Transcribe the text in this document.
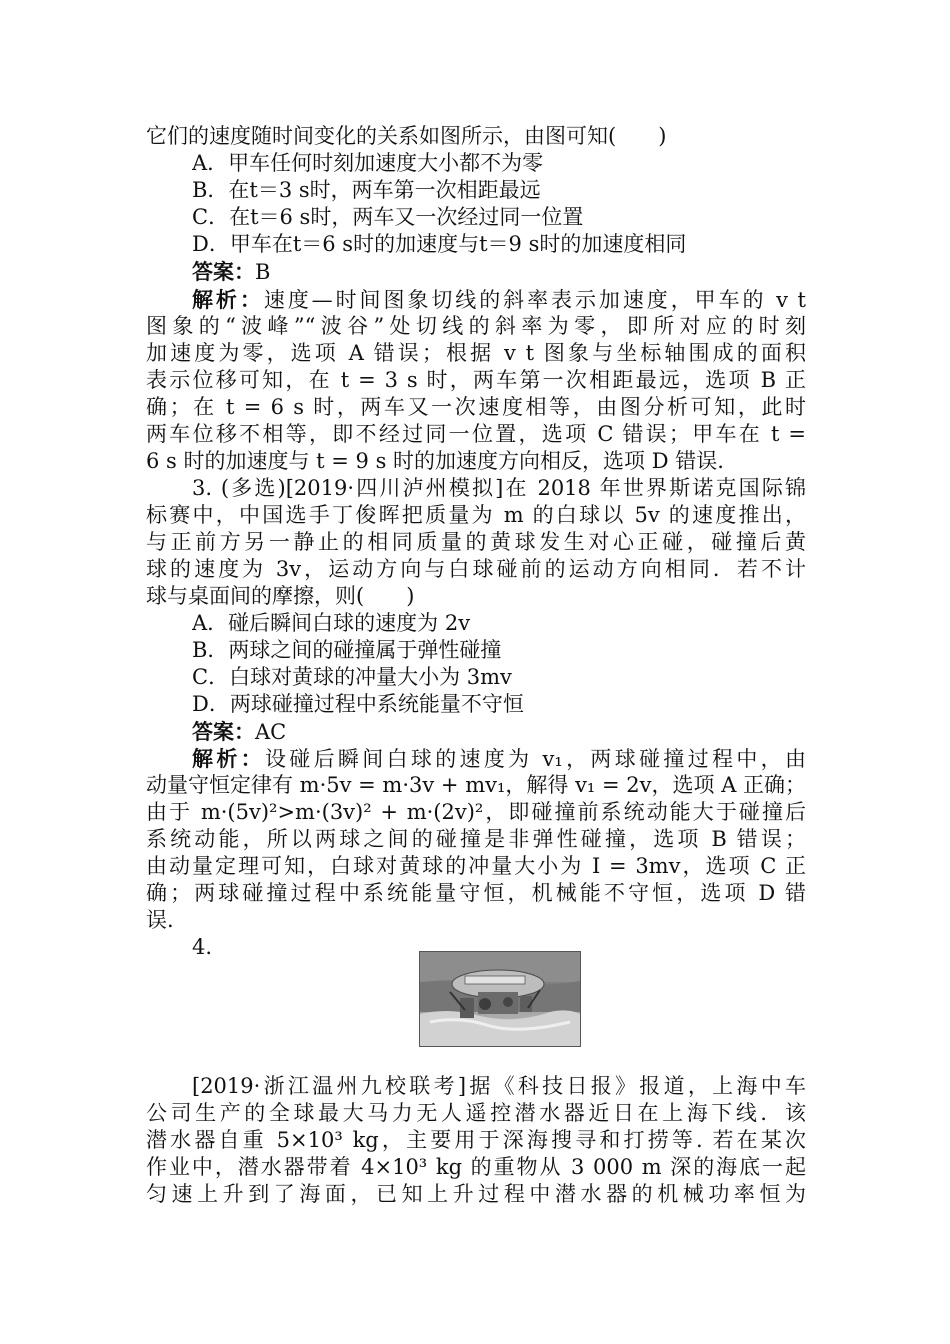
它们的速度随时间变化的关系如图所示，由图可知(　　)
A．甲车任何时刻加速度大小都不为零
B．在t＝3 s时，两车第一次相距最远
C．在t＝6 s时，两车又一次经过同一位置
D．甲车在t＝6 s时的加速度与t＝9 s时的加速度相同
答案：B
解析：速度—时间图象切线的斜率表示加速度，甲车的 v t
图象的“波峰”“波谷”处切线的斜率为零，即所对应的时刻
加速度为零，选项 A 错误；根据 v t 图象与坐标轴围成的面积
表示位移可知，在 t = 3 s 时，两车第一次相距最远，选项 B 正
确；在 t = 6 s 时，两车又一次速度相等，由图分析可知，此时
两车位移不相等，即不经过同一位置，选项 C 错误；甲车在 t =
6 s 时的加速度与 t = 9 s 时的加速度方向相反，选项 D 错误.
3. (多选)[2019·四川泸州模拟]在 2018 年世界斯诺克国际锦
标赛中，中国选手丁俊晖把质量为 m 的白球以 5v 的速度推出，
与正前方另一静止的相同质量的黄球发生对心正碰，碰撞后黄
球的速度为 3v，运动方向与白球碰前的运动方向相同．若不计
球与桌面间的摩擦，则(　　)
A．碰后瞬间白球的速度为 2v
B．两球之间的碰撞属于弹性碰撞
C．白球对黄球的冲量大小为 3mv
D．两球碰撞过程中系统能量不守恒
答案：AC
解析：设碰后瞬间白球的速度为 v₁，两球碰撞过程中，由
动量守恒定律有 m·5v = m·3v + mv₁，解得 v₁ = 2v，选项 A 正确；
由于 m·(5v)²>m·(3v)² + m·(2v)²，即碰撞前系统动能大于碰撞后
系统动能，所以两球之间的碰撞是非弹性碰撞，选项 B 错误；
由动量定理可知，白球对黄球的冲量大小为 I = 3mv，选项 C 正
确；两球碰撞过程中系统能量守恒，机械能不守恒，选项 D 错
误.
4.
[2019·浙江温州九校联考]据《科技日报》报道，上海中车
公司生产的全球最大马力无人遥控潜水器近日在上海下线．该
潜水器自重 5×10³ kg，主要用于深海搜寻和打捞等. 若在某次
作业中，潜水器带着 4×10³ kg 的重物从 3 000 m 深的海底一起
匀速上升到了海面，已知上升过程中潜水器的机械功率恒为
